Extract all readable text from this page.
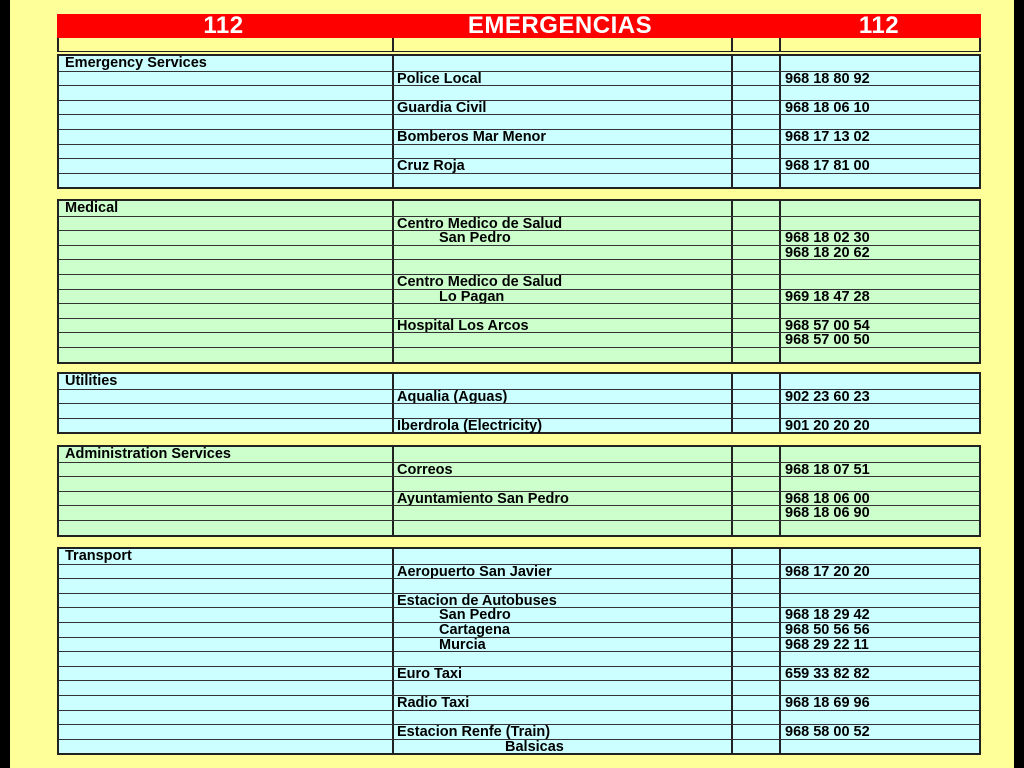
112	EMERGENCIAS	112
Emergency Services
Police Local	968 18 80 92
Guardia Civil	968 18 06 10
Bomberos Mar Menor	968 17 13 02
Cruz Roja	968 17 81 00
Medical
Centro Medico de Salud
San Pedro	968 18 02 30
968 18 20 62
Centro Medico de Salud
Lo Pagan	969 18 47 28
Hospital Los Arcos	968 57 00 54
968 57 00 50
Utilities
Aqualia (Aguas)	902 23 60 23
Iberdrola (Electricity)	901 20 20 20
Administration Services
Correos	968 18 07 51
Ayuntamiento San Pedro	968 18 06 00
968 18 06 90
Transport
Aeropuerto San Javier	968 17 20 20
Estacion de Autobuses
San Pedro	968 18 29 42
Cartagena	968 50 56 56
Murcia	968 29 22 11
Euro Taxi	659 33 82 82
Radio Taxi	968 18 69 96
Estacion Renfe (Train)	968 58 00 52
Balsicas
